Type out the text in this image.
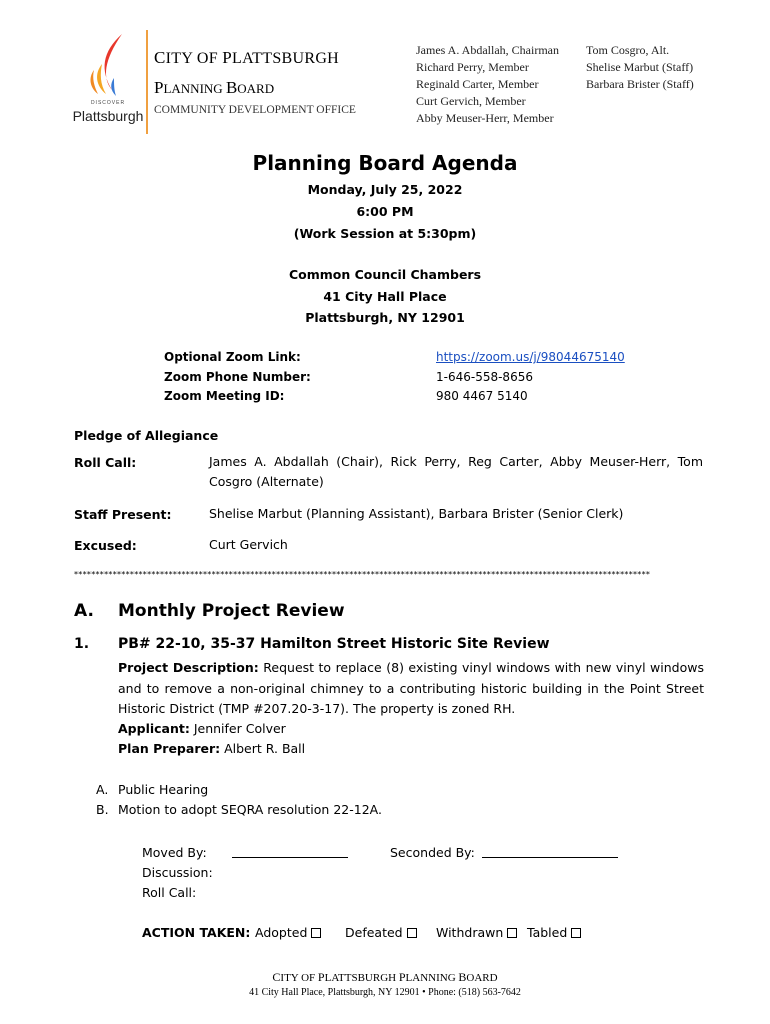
DISCOVER
Plattsburgh
CITY OF PLATTSBURGH
PLANNING BOARD
COMMUNITY DEVELOPMENT OFFICE
James A. Abdallah, Chairman
Richard Perry, Member
Reginald Carter, Member
Curt Gervich, Member
Abby Meuser-Herr, Member
Tom Cosgro, Alt.
Shelise Marbut (Staff)
Barbara Brister (Staff)
Planning Board Agenda
Monday, July 25, 2022
6:00 PM
(Work Session at 5:30pm)
Common Council Chambers
41 City Hall Place
Plattsburgh, NY 12901
Optional Zoom Link:	https://zoom.us/j/98044675140
Zoom Phone Number:	1-646-558-8656
Zoom Meeting ID:	980 4467 5140
Pledge of Allegiance
Roll Call:	James A. Abdallah (Chair), Rick Perry, Reg Carter, Abby Meuser-Herr, Tom Cosgro (Alternate)
Staff Present:	Shelise Marbut (Planning Assistant), Barbara Brister (Senior Clerk)
Excused:	Curt Gervich
**************************************************************************************************************************************
A. Monthly Project Review
1. PB# 22-10, 35-37 Hamilton Street Historic Site Review
Project Description: Request to replace (8) existing vinyl windows with new vinyl windows and to remove a non-original chimney to a contributing historic building in the Point Street Historic District (TMP #207.20-3-17). The property is zoned RH.
Applicant: Jennifer Colver
Plan Preparer: Albert R. Ball
A. Public Hearing
B. Motion to adopt SEQRA resolution 22-12A.
Moved By:	Seconded By:
Discussion:
Roll Call:
ACTION TAKEN: Adopted	Defeated	Withdrawn	Tabled
CITY OF PLATTSBURGH PLANNING BOARD
41 City Hall Place, Plattsburgh, NY 12901 • Phone: (518) 563-7642
